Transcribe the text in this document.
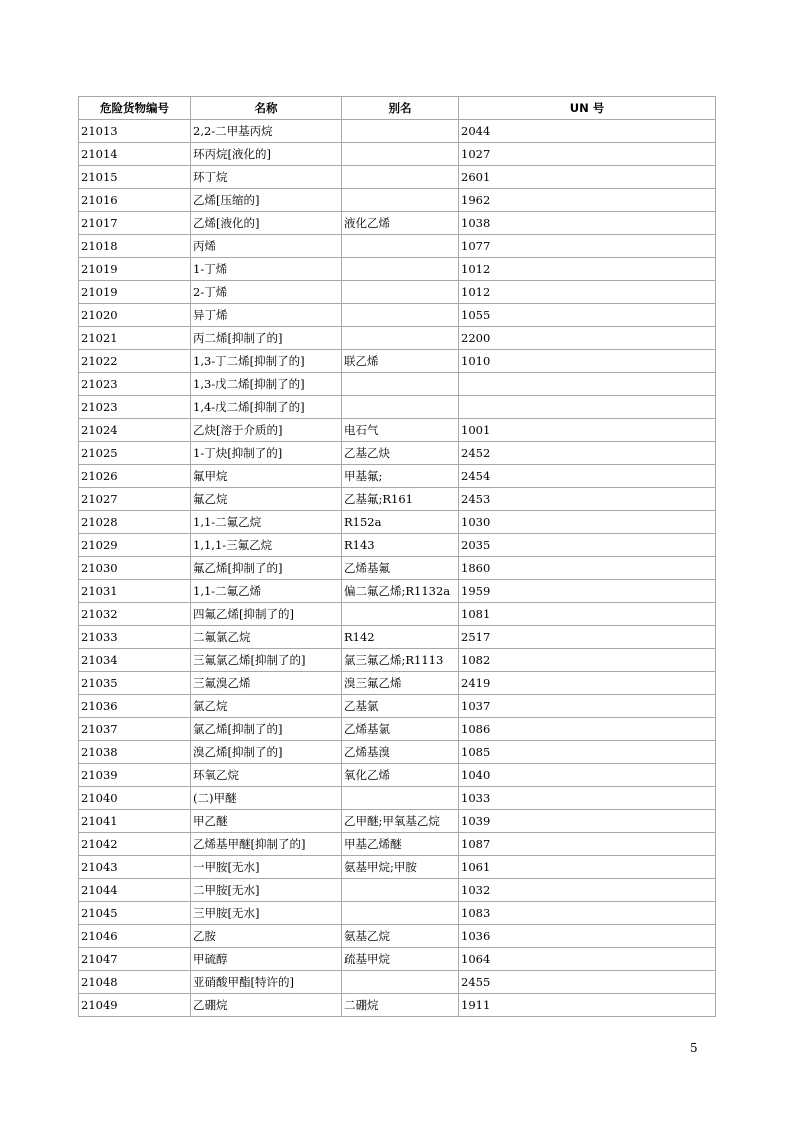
危险货物编号	名称	别名	UN 号
21013	2,2-二甲基丙烷		2044
21014	环丙烷[液化的]		1027
21015	环丁烷		2601
21016	乙烯[压缩的]		1962
21017	乙烯[液化的]	液化乙烯	1038
21018	丙烯		1077
21019	1-丁烯		1012
21019	2-丁烯		1012
21020	异丁烯		1055
21021	丙二烯[抑制了的]		2200
21022	1,3-丁二烯[抑制了的]	联乙烯	1010
21023	1,3-戊二烯[抑制了的]		
21023	1,4-戊二烯[抑制了的]		
21024	乙炔[溶于介质的]	电石气	1001
21025	1-丁炔[抑制了的]	乙基乙炔	2452
21026	氟甲烷	甲基氟;	2454
21027	氟乙烷	乙基氟;R161	2453
21028	1,1-二氟乙烷	R152a	1030
21029	1,1,1-三氟乙烷	R143	2035
21030	氟乙烯[抑制了的]	乙烯基氟	1860
21031	1,1-二氟乙烯	偏二氟乙烯;R1132a	1959
21032	四氟乙烯[抑制了的]		1081
21033	二氟氯乙烷	R142	2517
21034	三氟氯乙烯[抑制了的]	氯三氟乙烯;R1113	1082
21035	三氟溴乙烯	溴三氟乙烯	2419
21036	氯乙烷	乙基氯	1037
21037	氯乙烯[抑制了的]	乙烯基氯	1086
21038	溴乙烯[抑制了的]	乙烯基溴	1085
21039	环氧乙烷	氧化乙烯	1040
21040	(二)甲醚		1033
21041	甲乙醚	乙甲醚;甲氧基乙烷	1039
21042	乙烯基甲醚[抑制了的]	甲基乙烯醚	1087
21043	一甲胺[无水]	氨基甲烷;甲胺	1061
21044	二甲胺[无水]		1032
21045	三甲胺[无水]		1083
21046	乙胺	氨基乙烷	1036
21047	甲硫醇	疏基甲烷	1064
21048	亚硝酸甲酯[特许的]		2455
21049	乙硼烷	二硼烷	1911
5
